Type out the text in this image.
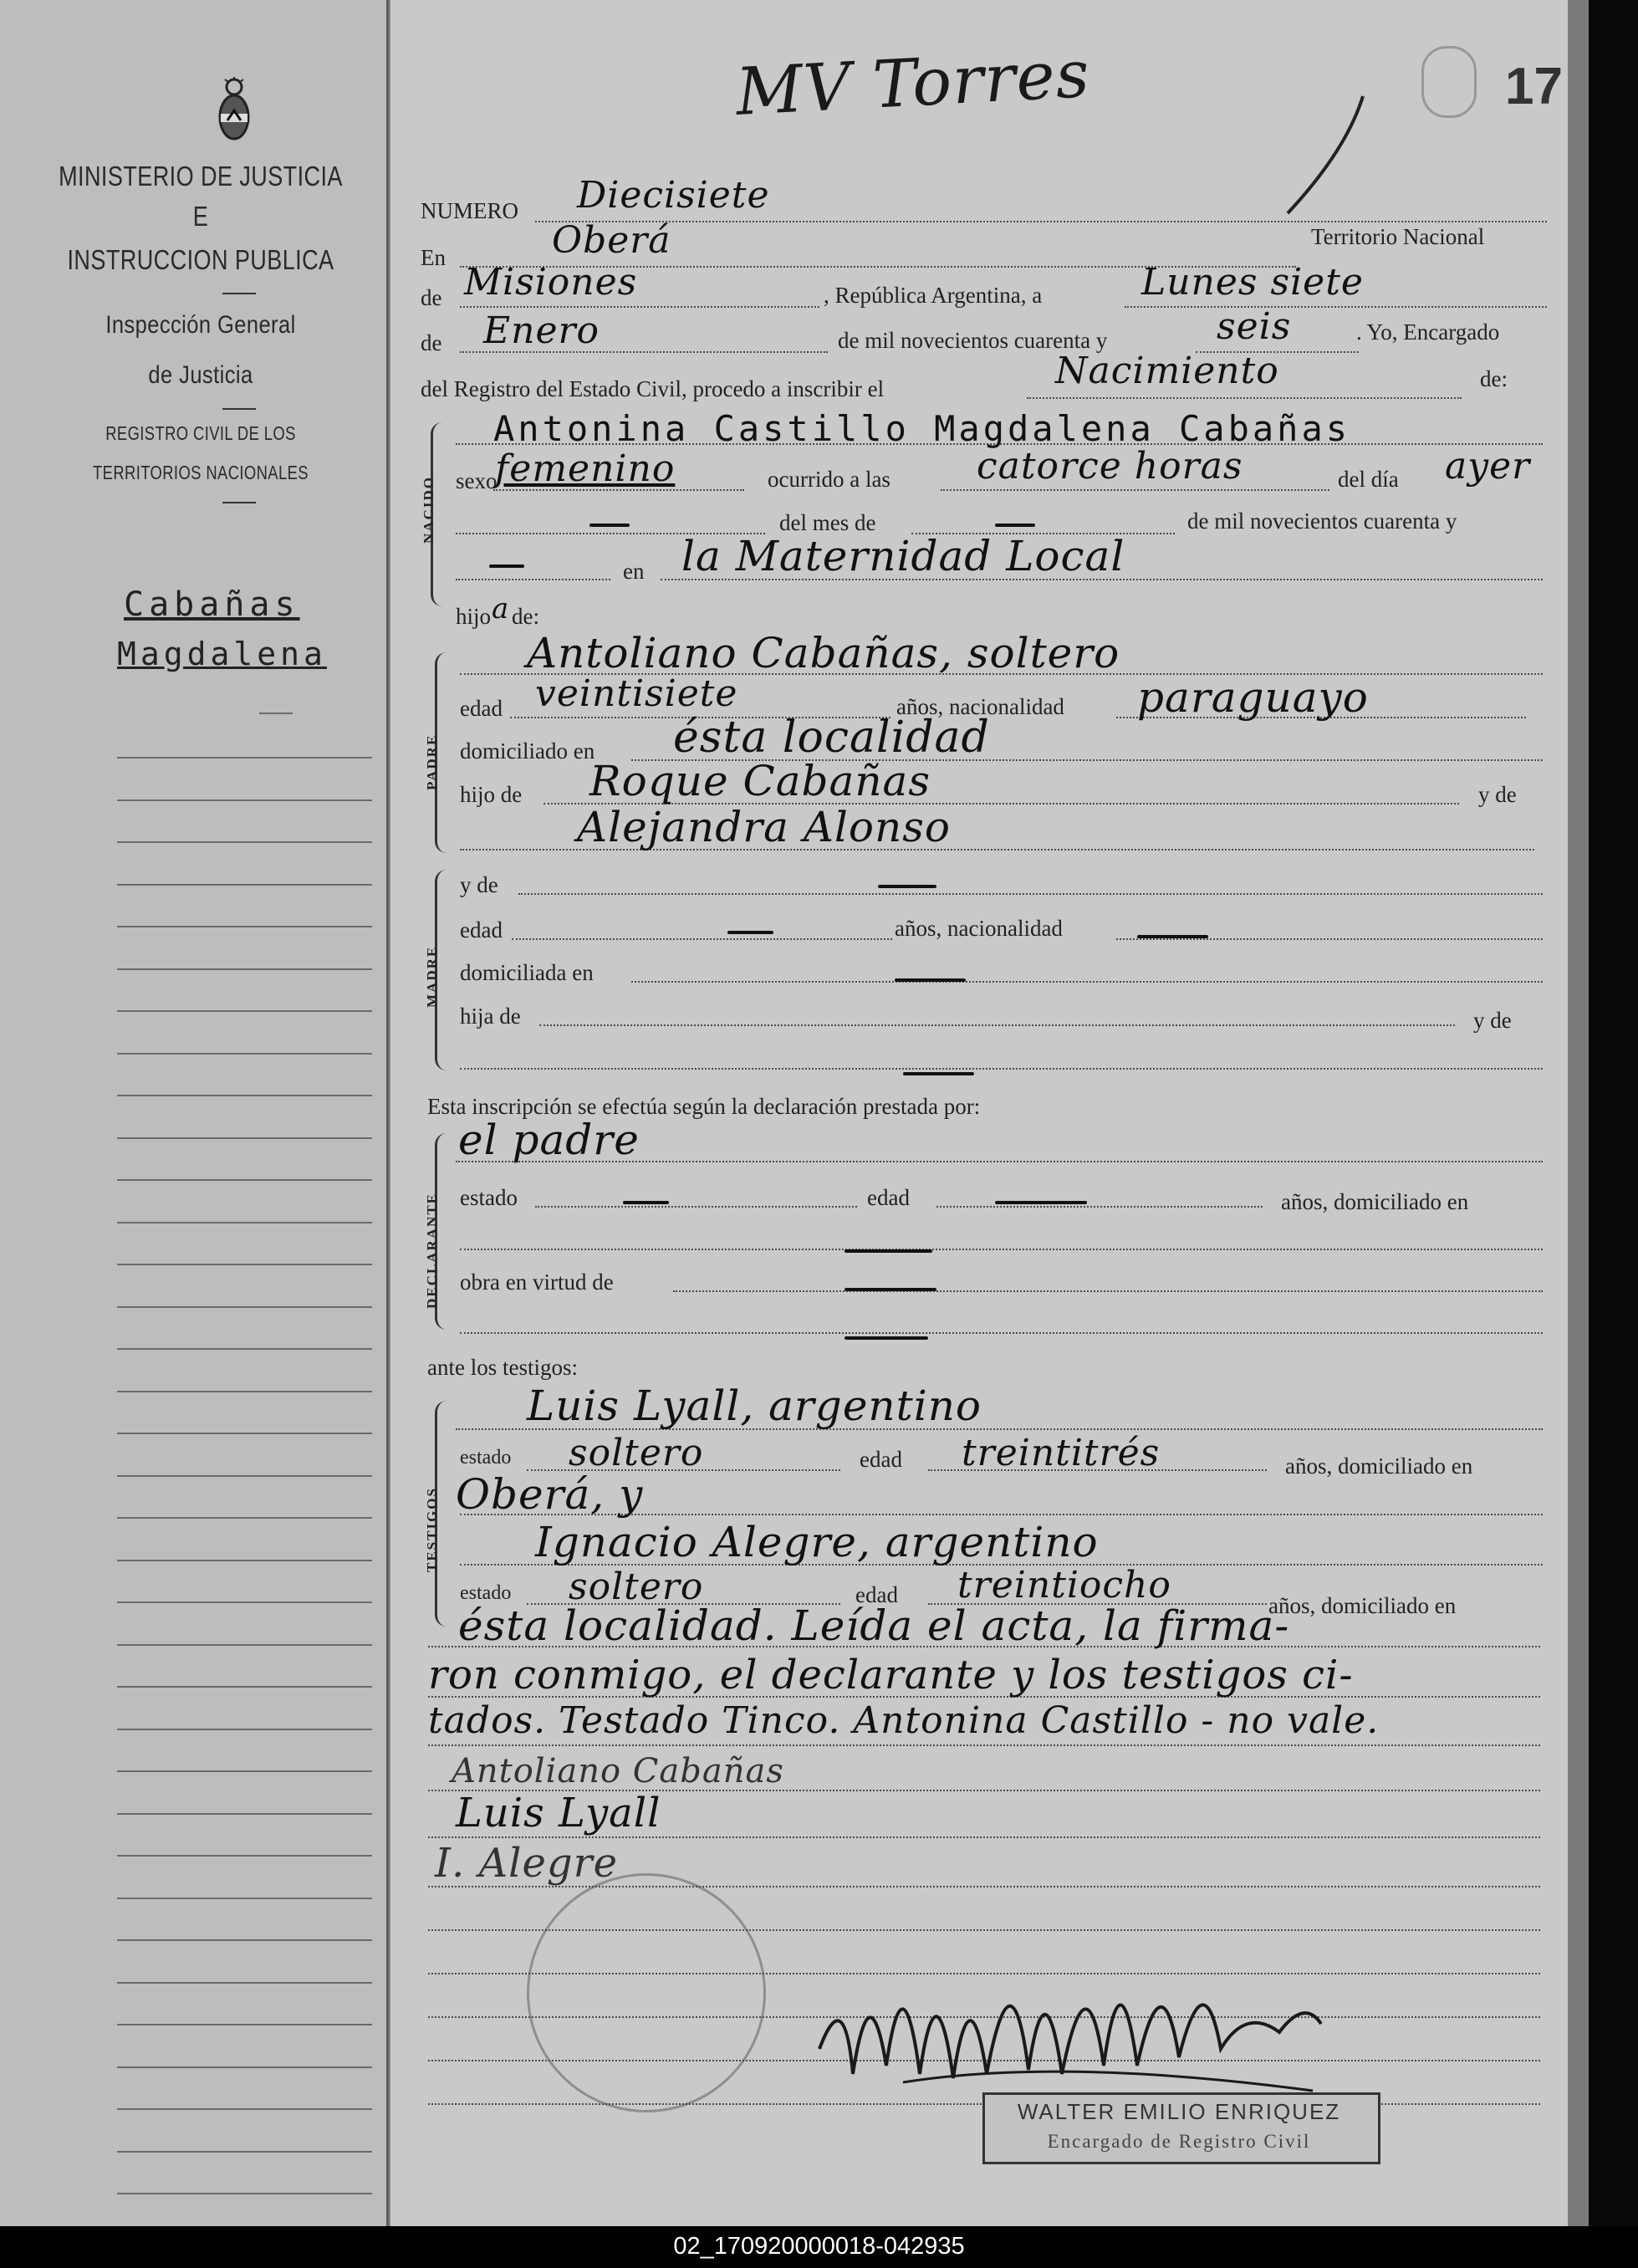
MINISTERIO DE JUSTICIA
E
INSTRUCCION PUBLICA
Inspección General
de Justicia
REGISTRO CIVIL DE LOS
TERRITORIOS NACIONALES
Cabañas
Magdalena
MV Torres	17
NUMERO Diecisiete
En	Oberá	Territorio Nacional
de Misiones	, República Argentina, a	Lunes siete
de Enero	de mil novecientos cuarenta y	seis	. Yo, Encargado
del Registro del Estado Civil, procedo a inscribir el	Nacimiento	de:
NACIDO
Antonina Castillo Magdalena Cabañas
sexo
femenino	ocurrido a las catorce horas	del día ayer
del mes de	de mil novecientos cuarenta y
en la Maternidad Local
hijo a de:
PADRE
Antoliano Cabañas, soltero
edad veintisiete	años, nacionalidad paraguayo
domiciliado en ésta localidad
hijo de Roque Cabañas	y de
Alejandra Alonso
MADRE
y de
edad	años, nacionalidad
domiciliada en
hija de	y de
Esta inscripción se efectúa según la declaración prestada por:
DECLARANTE
el padre
estado	edad	años, domiciliado en
obra en virtud de
ante los testigos:
TESTIGOS
Luis Lyall, argentino
estado soltero	edad treintitrés	años, domiciliado en
Oberá, y
Ignacio Alegre, argentino
estado soltero	edad treintiocho	años, domiciliado en
ésta localidad. Leída el acta, la firma-
ron conmigo, el declarante y los testigos ci-
tados. Testado Tinco. Antonina Castillo - no vale.
Antoliano Cabañas
Luis Lyall
I. Alegre
WALTER EMILIO ENRIQUEZ
Encargado de Registro Civil
02_170920000018-042935
